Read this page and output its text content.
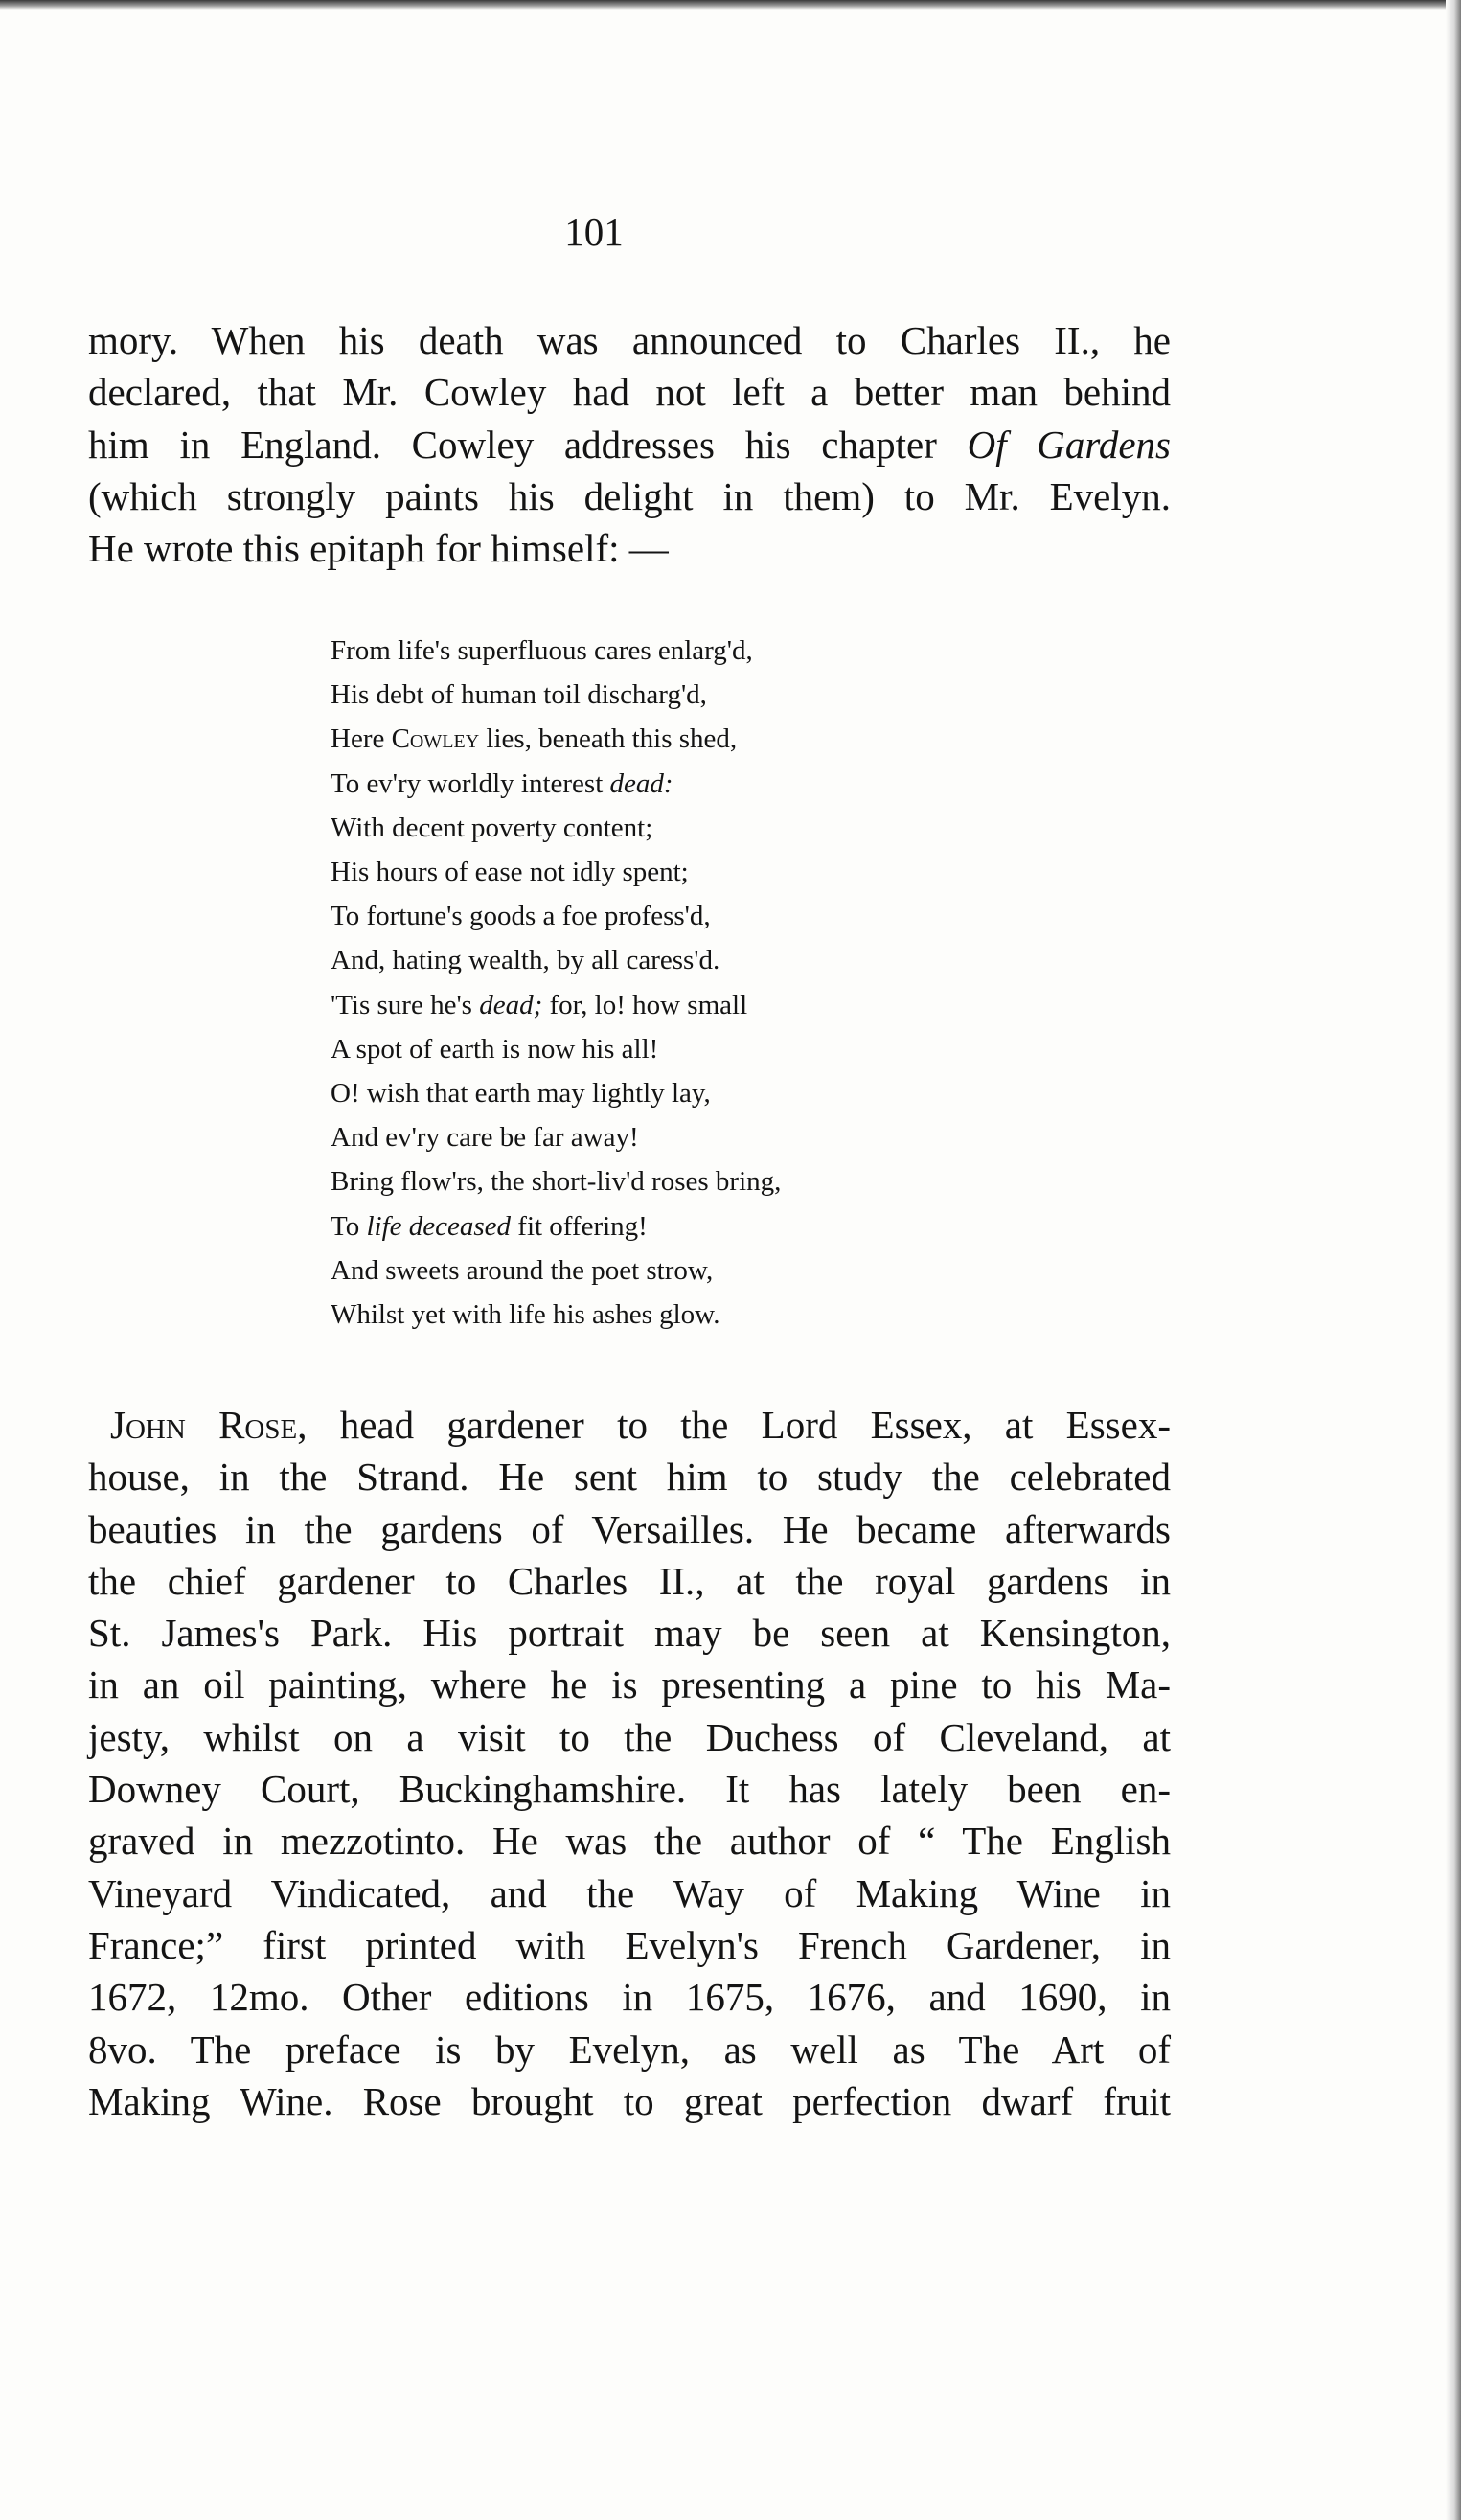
101
mory. When his death was announced to Charles II., he
declared, that Mr. Cowley had not left a better man behind
him in England. Cowley addresses his chapter Of Gardens
(which strongly paints his delight in them) to Mr. Evelyn.
He wrote this epitaph for himself: —
From life's superfluous cares enlarg'd,
His debt of human toil discharg'd,
Here Cowley lies, beneath this shed,
To ev'ry worldly interest dead:
With decent poverty content;
His hours of ease not idly spent;
To fortune's goods a foe profess'd,
And, hating wealth, by all caress'd.
'Tis sure he's dead; for, lo! how small
A spot of earth is now his all!
O! wish that earth may lightly lay,
And ev'ry care be far away!
Bring flow'rs, the short-liv'd roses bring,
To life deceased fit offering!
And sweets around the poet strow,
Whilst yet with life his ashes glow.
John Rose, head gardener to the Lord Essex, at Essex-
house, in the Strand. He sent him to study the celebrated
beauties in the gardens of Versailles. He became afterwards
the chief gardener to Charles II., at the royal gardens in
St. James's Park. His portrait may be seen at Kensington,
in an oil painting, where he is presenting a pine to his Ma-
jesty, whilst on a visit to the Duchess of Cleveland, at
Downey Court, Buckinghamshire. It has lately been en-
graved in mezzotinto. He was the author of “ The English
Vineyard Vindicated, and the Way of Making Wine in
France;” first printed with Evelyn's French Gardener, in
1672, 12mo. Other editions in 1675, 1676, and 1690, in
8vo. The preface is by Evelyn, as well as The Art of
Making Wine. Rose brought to great perfection dwarf fruit
